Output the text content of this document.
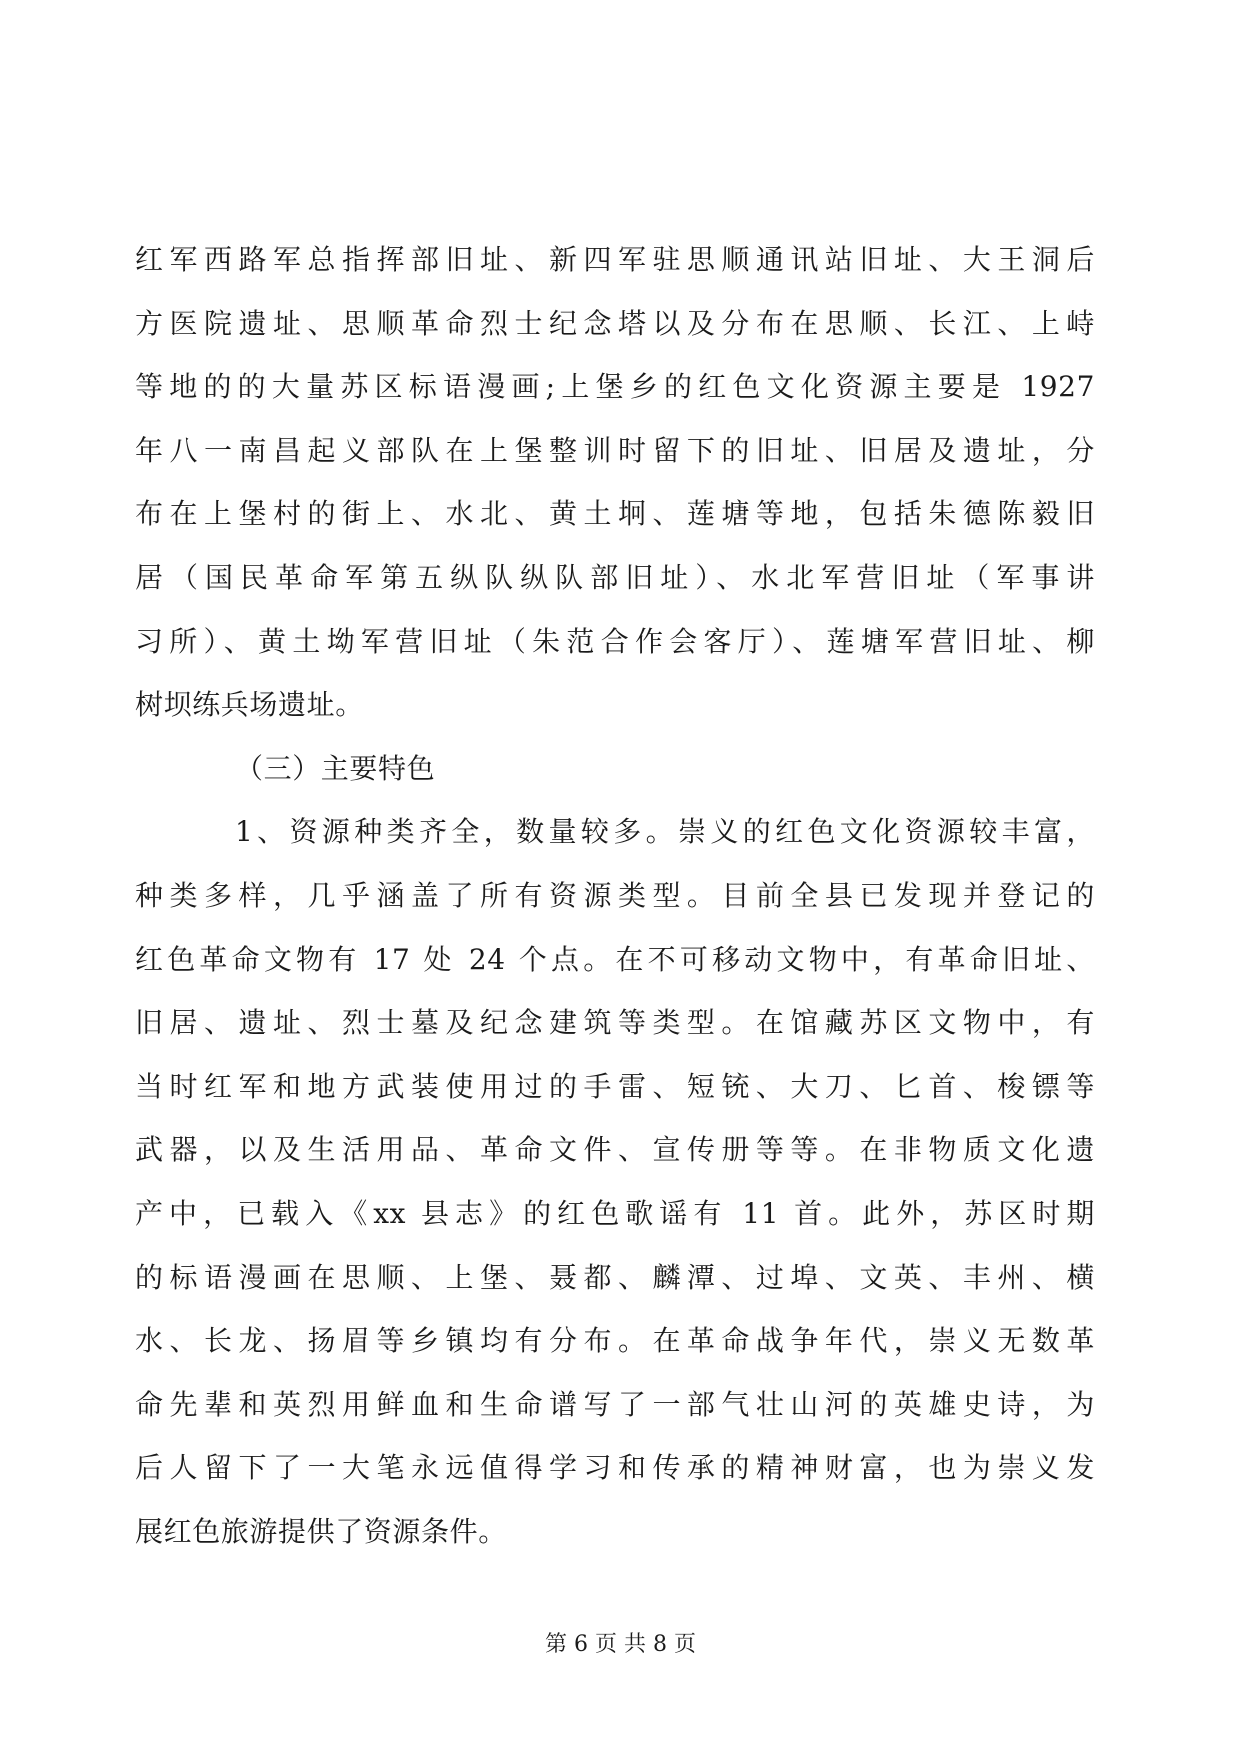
红军西路军总指挥部旧址、新四军驻思顺通讯站旧址、大王洞后
方医院遗址、思顺革命烈士纪念塔以及分布在思顺、长江、上峙
等地的的大量苏区标语漫画;上堡乡的红色文化资源主要是 1927
年八一南昌起义部队在上堡整训时留下的旧址、旧居及遗址，分
布在上堡村的街上、水北、黄土坰、莲塘等地，包括朱德陈毅旧
居（国民革命军第五纵队纵队部旧址）、水北军营旧址（军事讲
习所）、黄土坳军营旧址（朱范合作会客厅）、莲塘军营旧址、柳
树坝练兵场遗址。
（三）主要特色
1、资源种类齐全，数量较多。崇义的红色文化资源较丰富，
种类多样，几乎涵盖了所有资源类型。目前全县已发现并登记的
红色革命文物有 17 处 24 个点。在不可移动文物中，有革命旧址、
旧居、遗址、烈士墓及纪念建筑等类型。在馆藏苏区文物中，有
当时红军和地方武装使用过的手雷、短铳、大刀、匕首、梭镖等
武器，以及生活用品、革命文件、宣传册等等。在非物质文化遗
产中，已载入《xx 县志》的红色歌谣有 11 首。此外，苏区时期
的标语漫画在思顺、上堡、聂都、麟潭、过埠、文英、丰州、横
水、长龙、扬眉等乡镇均有分布。在革命战争年代，崇义无数革
命先辈和英烈用鲜血和生命谱写了一部气壮山河的英雄史诗，为
后人留下了一大笔永远值得学习和传承的精神财富，也为崇义发
展红色旅游提供了资源条件。
第 6 页 共 8 页
